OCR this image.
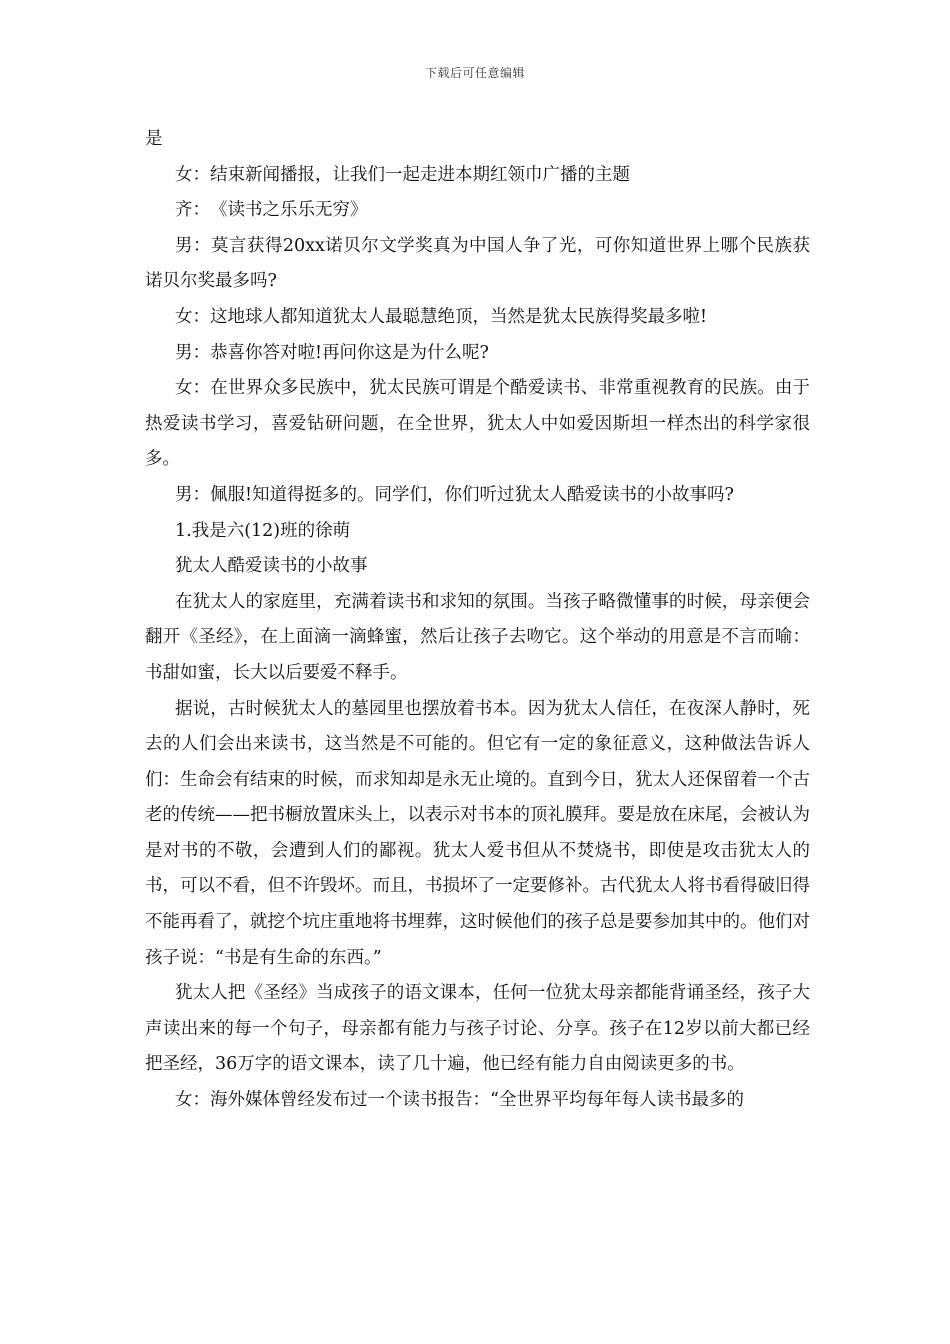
下载后可任意编辑

是

女：结束新闻播报，让我们一起走进本期红领巾广播的主题

齐：　《读书之乐乐无穷》

男：莫言获得20xx诺贝尔文学奖真为中国人争了光，可你知道世界上哪个民族获诺贝尔奖最多吗?

女：这地球人都知道犹太人最聪慧绝顶，当然是犹太民族得奖最多啦!

男：恭喜你答对啦!再问你这是为什么呢?

女：在世界众多民族中，犹太民族可谓是个酷爱读书、非常重视教育的民族。由于热爱读书学习，喜爱钻研问题，在全世界，犹太人中如爱因斯坦一样杰出的科学家很多。

男：佩服!知道得挺多的。同学们，你们听过犹太人酷爱读书的小故事吗?

1.我是六(12)班的徐萌

犹太人酷爱读书的小故事

在犹太人的家庭里，充满着读书和求知的氛围。当孩子略微懂事的时候，母亲便会翻开《圣经》，在上面滴一滴蜂蜜，然后让孩子去吻它。这个举动的用意是不言而喻：书甜如蜜，长大以后要爱不释手。

据说，古时候犹太人的墓园里也摆放着书本。因为犹太人信任，在夜深人静时，死去的人们会出来读书，这当然是不可能的。但它有一定的象征意义，这种做法告诉人们：生命会有结束的时候，而求知却是永无止境的。直到今日，犹太人还保留着一个古老的传统——把书橱放置床头上，以表示对书本的顶礼膜拜。要是放在床尾，会被认为是对书的不敬，会遭到人们的鄙视。犹太人爱书但从不焚烧书，即使是攻击犹太人的书，可以不看，但不许毁坏。而且，书损坏了一定要修补。古代犹太人将书看得破旧得不能再看了，就挖个坑庄重地将书埋葬，这时候他们的孩子总是要参加其中的。他们对孩子说：“书是有生命的东西。”

犹太人把《圣经》当成孩子的语文课本，任何一位犹太母亲都能背诵圣经，孩子大声读出来的每一个句子，母亲都有能力与孩子讨论、分享。孩子在12岁以前大都已经把圣经，36万字的语文课本，读了几十遍，他已经有能力自由阅读更多的书。

女：海外媒体曾经发布过一个读书报告：“全世界平均每年每人读书最多的
